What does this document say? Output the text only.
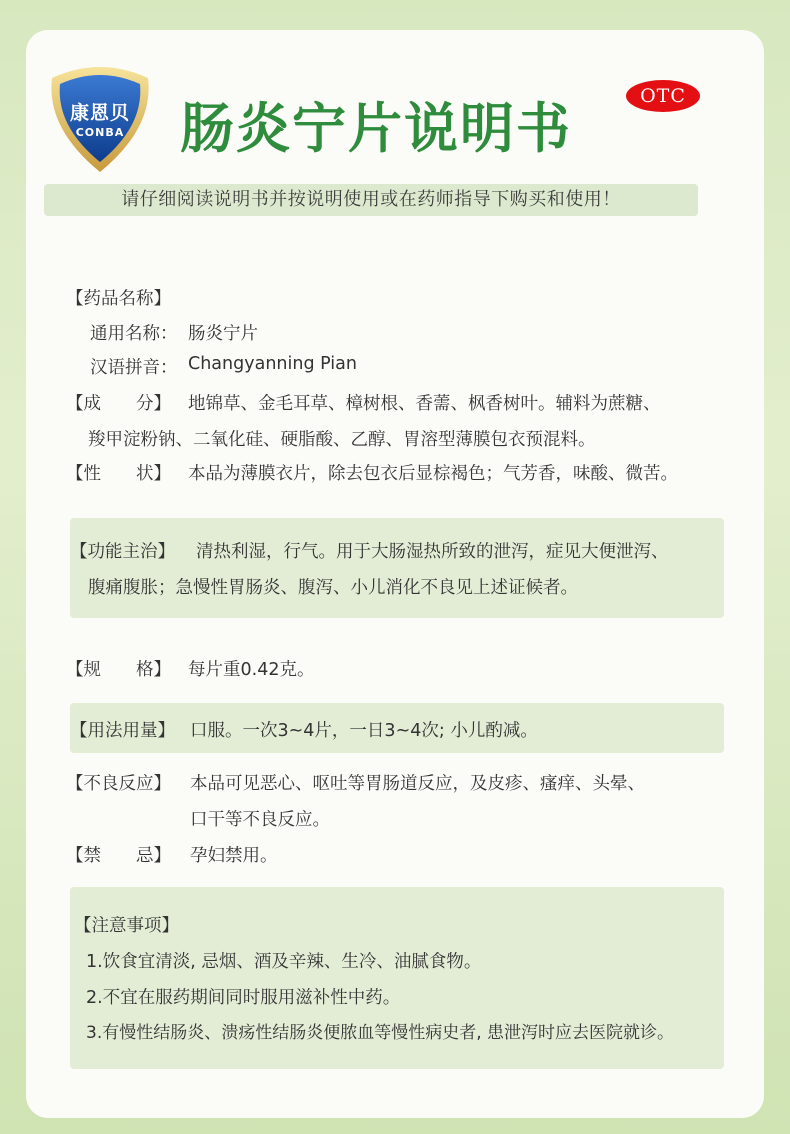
康恩贝
CONBA	肠炎宁片说明书
OTC
请仔细阅读说明书并按说明使用或在药师指导下购买和使用！
【药品名称】
通用名称： 肠炎宁片
汉语拼音： Changyanning Pian
【成　　分】 地锦草、金毛耳草、樟树根、香薷、枫香树叶。辅料为蔗糖、
羧甲淀粉钠、二氧化硅、硬脂酸、乙醇、胃溶型薄膜包衣预混料。
【性　　状】 本品为薄膜衣片，除去包衣后显棕褐色；气芳香，味酸、微苦。
【功能主治】 清热利湿，行气。用于大肠湿热所致的泄泻，症见大便泄泻、
腹痛腹胀；急慢性胃肠炎、腹泻、小儿消化不良见上述证候者。
【规　　格】 每片重0.42克。
【用法用量】 口服。一次3~4片，一日3~4次; 小儿酌减。
【不良反应】 本品可见恶心、呕吐等胃肠道反应，及皮疹、瘙痒、头晕、
口干等不良反应。
【禁　　忌】 孕妇禁用。
【注意事项】
1.饮食宜清淡, 忌烟、酒及辛辣、生冷、油腻食物。
2.不宜在服药期间同时服用滋补性中药。
3.有慢性结肠炎、溃疡性结肠炎便脓血等慢性病史者, 患泄泻时应去医院就诊。
